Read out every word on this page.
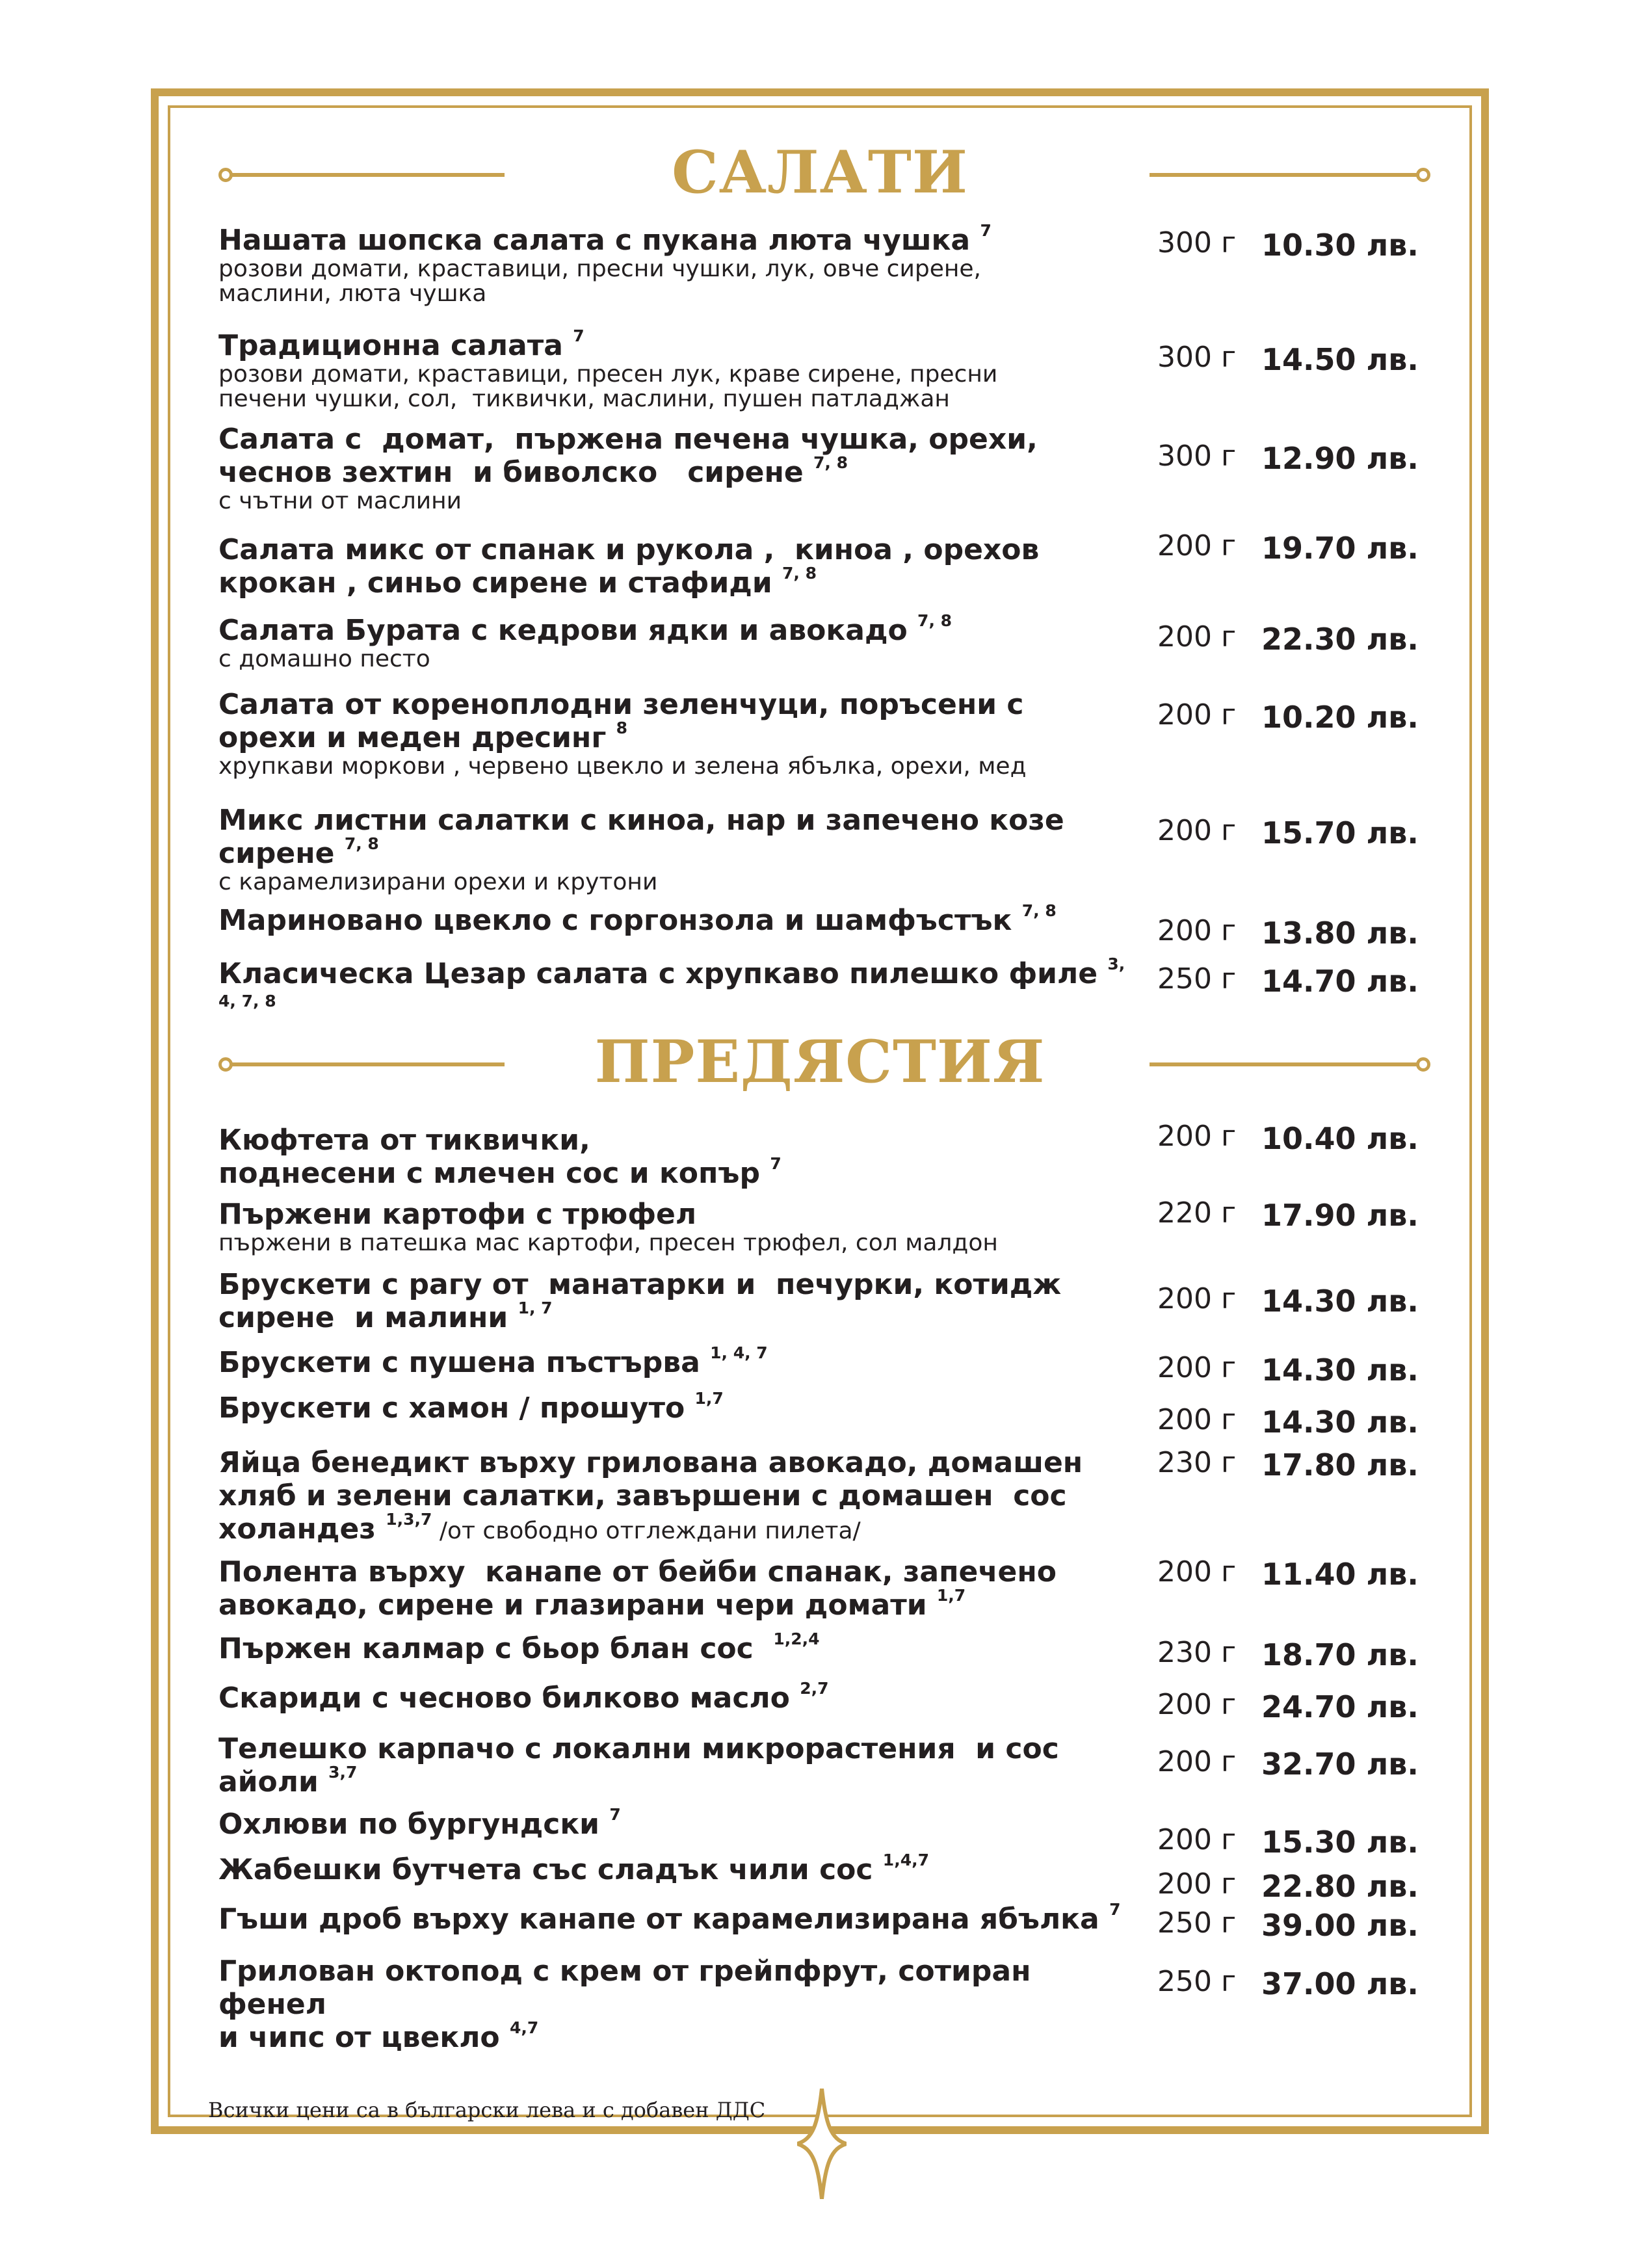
САЛАТИ
ПРЕДЯСТИЯ
Нашата шопска салата с пукана люта чушка $^7$
розови домати, краставици, пресни чушки, лук, овче сирене,
маслини, люта чушка
300 г 10.30 лв.
Традиционна салата $^7$
розови домати, краставици, пресен лук, краве сирене, пресни
печени чушки, сол,  тиквички, маслини, пушен патладжан
300 г 14.50 лв.
Салата с  домат,  пържена печена чушка, орехи,
чеснов зехтин  и биволско   сирене $^{7, 8}$
с чътни от маслини
300 г 12.90 лв.
Салата микс от спанак и рукола ,  киноа , орехов
крокан , синьо сирене и стафиди $^{7, 8}$
200 г 19.70 лв.
Салата Бурата с кедрови ядки и авокадо $^{7, 8}$
с домашно песто
200 г 22.30 лв.
Салата от кореноплодни зеленчуци, поръсени с
орехи и меден дресинг $^8$
хрупкави моркови , червено цвекло и зелена ябълка, орехи, мед
200 г 10.20 лв.
Микс листни салатки с киноа, нар и запечено козе
сирене $^{7, 8}$
с карамелизирани орехи и крутони
200 г 15.70 лв.
Мариновано цвекло с горгонзола и шамфъстък $^{7, 8}$
200 г 13.80 лв.
Класическа Цезар салата с хрупкаво пилешко филе $^{3,}$
4, 7, 8
250 г 14.70 лв.
Кюфтета от тиквички,
поднесени с млечен сос и копър $^7$
200 г 10.40 лв.
Пържени картофи с трюфел
пържени в патешка мас картофи, пресен трюфел, сол малдон
220 г 17.90 лв.
Брускети с рагу от  манатарки и  печурки, котидж
сирене  и малини $^{1, 7}$	200 г 14.30 лв.
Брускети с пушена пъстърва $^{1, 4, 7}$	200 г 14.30 лв.
Брускети с хамон / прошуто $^{1,7}$
200 г 14.30 лв.
Яйца бенедикт върху грилована авокадо, домашен
хляб и зелени салатки, завършени с домашен  сос
холандез $^{1,3,7}$ /от свободно отглеждани пилета/
230 г 17.80 лв.
Полента върху  канапе от бейби спанак, запечено
авокадо, сирене и глазирани чери домати $^{1,7}$
200 г 11.40 лв.
Пържен калмар с бьор блан сос  $^{1,2,4}$	230 г 18.70 лв.
Скариди с чесново билково масло $^{2,7}$	200 г 24.70 лв.
Телешко карпачо с локални микрорастения  и сос
айоли $^{3,7}$	200 г 32.70 лв.
Охлюви по бургундски $^7$
200 г 15.30 лв.
Жабешки бутчета със сладък чили сос $^{1,4,7}$
200 г 22.80 лв.
Гъши дроб върху канапе от карамелизирана ябълка $^7$ 250 г 39.00 лв.
Грилован октопод с крем от грейпфрут, сотиран фенел
и чипс от цвекло $^{4,7}$
250 г 37.00 лв.
Всички цени са в български лева и с добавен ДДС
